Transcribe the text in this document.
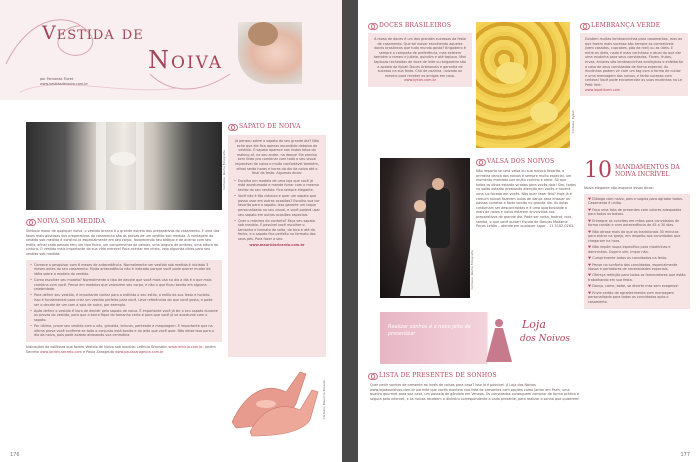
Vestida de
Noiva
por Fernanda Floret
www.vestidadenoiva.com.br
Cortesia: Rocha Fotografia
SAPATO DE NOIVA
Já pensou sobre o sapato do seu grande dia? Não ache que ele fica apenas escondido debaixo do vestido. O sapato aparece nas lindas fotos do making of, no seu andar, na dança! Ele precisa sem lindo pra combinar com todo o seu visual impecável de noiva e muito confortável também, afinal serão horas e horas do dia da noiva até o final da festa. Algumas dicas:
• Escolha um modelo de uma loja que você já está acostumada e mande forrar com o mesmo tecido do seu vestido. Fica sempre elegante.
• Você não é tão clássica e quer um sapato que possa usar em outras ocasiões? Escolha sua cor favorita para o sapato. Isso garante um toque personalizado no seu visual, e você poderá usar seu sapato em outras ocasiões especiais.
• Quer o máximo do conforto? Faça seu sapato sob medida. É possível você escolher o tamanho e formato do salto, do bico e até do fecho, e o sapato fica perfeito no formato dos seus pés. Para fazer o seu:
www.mauricioricardo.com.br
NOIVA SOB MEDIDA
Símbolo maior de qualquer noiva, o vestido branco é a grande estrela dos preparativos do casamento. E uma das fases mais gostosas dos preparativos do casamento são as provas de um vestido sob medida. A vantagem do vestido sob medida é construí-lo especialmente em seu corpo, favorecendo seu biótipo e de acordo com seu estilo, afinal cada pessoa tem um tipo físico, um comprimento de pernas, uma largura de ombros, uma altura de cintura. O vestido mais importante da sua vida merece! Para acertar em cheio, veja algumas dicas para seu vestido sob medida:
• Comece a pesquisar com 6 meses de antecedência. Normalmente um vestido sob medida é iniciado 3 meses antes do seu casamento. Muita antecedência não é indicado porque você pode querer mudar de idéia sobre o modelo do vestido.
• Como escolher seu modelo? Normalmente o tipo de decote que você mais usa no dia a dia é o que mais combina com você. Pense em modelos que valorizem seu corpo, e não o que ficou bonito em alguma celebridade.
• Para definir seu vestido, é importante contar para a estilista o seu estilo, o estilo da sua festa e horário. Isso é fundamental para criar um vestido perfeito para você. Leve referências do que você gosta, e pode ser o decote de um com a saia de outro, por exemplo.
• Após definir o vestido é hora de decidir pelo sapato de noiva. É importante você já ter o seu sapato durante as provas do vestido, para que a barra fique do tamanho certo e para que você já se acostume com o sapato.
• Por último, prove seu vestido com o véu, grinalda, brincos, penteado e maquiagem. É importante que na última prova você confirme se todo o conjunto está bonito e do jeito que você quer. Não deixe isso para o dia da noiva, pois pode acabar atrasando sua cerimônia.
Indicações de estilistas que fazem Vestido de Noiva sob medida: Lethicia Bronstein www.lethicia.com.br, Jardim Secreto www.jardim-secreto.com e Paula Zarageuta www.paulazarageuta.com.br
Cortesia: Mauricio Ricardo
176
DOCES BRASILEIROS
A mesa de doces é um dos grandes sucessos da festa de casamento. Que tal inovar escolhendo aqueles doces brasileiros que tudo mundo gosta? Brigadeiro é sempre o campeão de preferência, mas existem também o romeu e julieta, quindim e até tapioca. Mini tapiocas recheadas de doce de leite ou brigadeiro são a aposta da Kykah Doces Artesanais e garantia de sucesso na sua festa. Chá de cozinha, noivado ou mesmo para receber os amigos em casa.
www.kykah.com.br
Cortesia: Kykah
LEMBRANÇA VERDE
Existem muitas lembrancinhas para casamentos, mas as que fazem mais sucesso são sempre as comestíveis (bem casados, cupcakes, pão de mel) ou as úteis. E entre as úteis, nada é mais carinhoso e atual do que dar uma mudinha para seus convidados. Flores, frutos, ervas, árvores são lembrancinhas ecológicas e enfeitarão a casa de seus convidados de forma especial. As mudinhas podem vir com um tag com a forma de cuidar e uma mensagem dos noivos, e farão sucesso com certeza! Você pode encomendar as suas mudinhas na Le Petit Vert:
www.lepetitvert.com
Cortesia: Rocha Fotografia
VALSA DOS NOIVOS
Não importa se será valsa ou sua música favorita, a primeira dança dos noivos é sempre muito especial, um momento marcado por muito carinho e amor. Só que todos os olhos estarão virados para vocês dois! Sim, todos no salão estarão prestando atenção em vocês e haverá uma luz focada em vocês. Não quer fazer feio? Hoje já é comum noivos fazerem aulas de dança para ensaiar os passos corretos e fazer bonito no grande dia. As aulas costumam ser descontraídas e é uma oportunidade a mais de noiva e noivo estarem envolvidos nos preparativos do grande dia. Pode ser valsa, foxtrot, rock, samba, o que você quiser! Escola de Danças Madame Poças Leitão – atende em qualquer lugar – 11 5182-0263.
Realizar sonhos é o novo jeito de presentear
Loja
dos Noivos
LISTA DE PRESENTES DE SONHOS
Quer pedir sonhos de presente ao invés de coisas para casa? Isso já é possível. A Loja dos Noivos www.lojadosnoivos.com.br permite que vocês montem sua lista de presentes com opções como jantar em Paris, uma quadra gourmet para sua casa, um passeio de gôndola em Veneza. Os convidados conseguem comprar de forma prática e segura pela internet, e os noivos recebem o dinheiro correspondente a cada presente, para realizar o sonho que quiserem!
10 MANDAMENTOS DA
NOIVA INCRÍVEL
Noiva elegante não esquece essas dicas:

♥ Diálogo com noivo, pais e sogros para agradar todos. Casamento é união.

♥ Faça uma lista de presentes com valores adequados para todos os bolsos.

♥ Entregue os convites em mãos para convidados de forma cordial e com antecedência de 45 a 30 dias.

♥ Não atrase mais do que os tradicionais 30 minutos para entrar na igreja, em respeito aos convidados que chegaram na hora.

♥ Não impõe roupa específica para madrinhas e damninhas. Sugerir sim, impor não.

♥ Cumprimente todos os convidados na festa.

♥ Pense no conforto dos convidados, especialmente idosos e portadores de necessidades especiais.

♥ Ofereça refeição para todos os fornecedores que estão trabalhando em sua festa.

♥ Dança, come, bebe, se diverte mas sem exageros!

♥ Envie cartão de agradecimento com mensagem personalizada para todos os convidados após o casamento.

177
